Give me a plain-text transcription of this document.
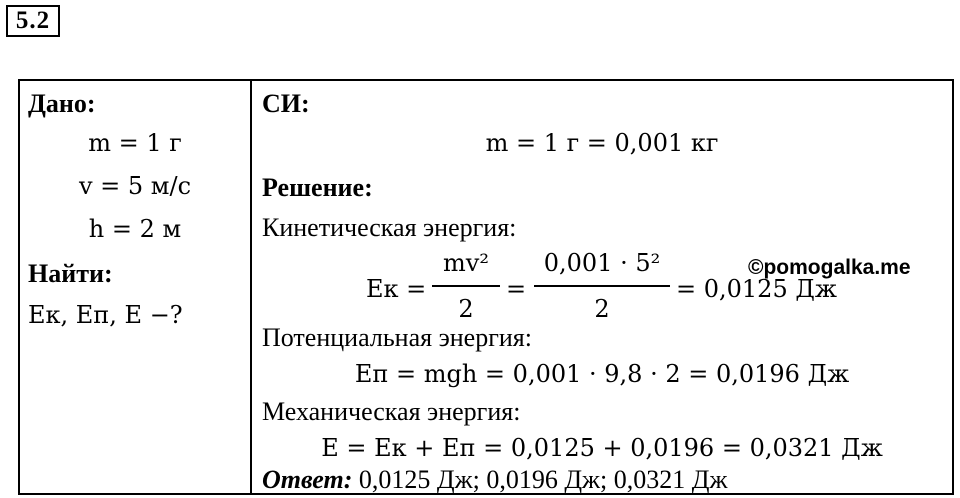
5.2
Дано:
m = 1 г
v = 5 м/с
h = 2 м
Найти:
Eк, Eп, E −?
СИ:
m = 1 г = 0,001 кг
Решение:
Кинетическая энергия:
Eк =
mv²
2
=
0,001 · 5²
2
= 0,0125 Дж
©pomogalka.me
Потенциальная энергия:
Eп = mgh = 0,001 · 9,8 · 2 = 0,0196 Дж
Механическая энергия:
E = Eк + Eп = 0,0125 + 0,0196 = 0,0321 Дж
Ответ: 0,0125 Дж; 0,0196 Дж; 0,0321 Дж
